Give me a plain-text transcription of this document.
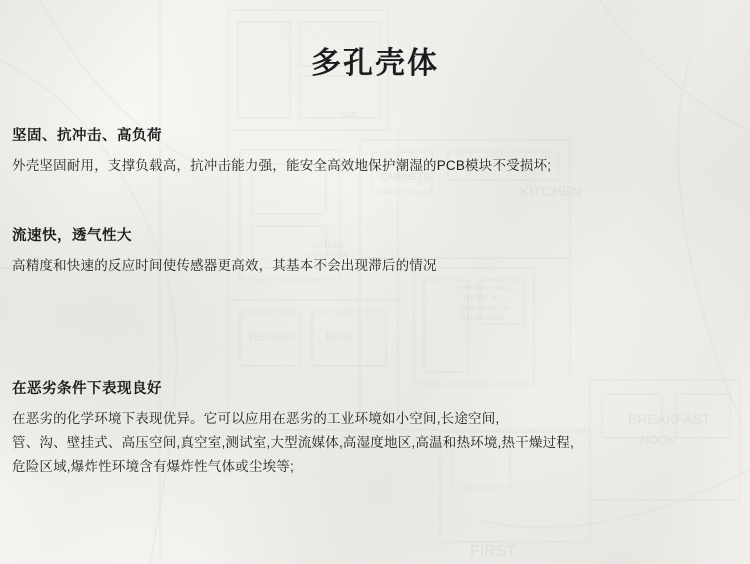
多孔壳体
坚固、抗冲击、高负荷

外壳坚固耐用，支撑负载高，抗冲击能力强，能安全高效地保护潮湿的PCB模块不受损坏;

流速快，透气性大

高精度和快速的反应时间使传感器更高效，其基本不会出现滞后的情况

在恶劣条件下表现良好

在恶劣的化学环境下表现优异。它可以应用在恶劣的工业环境如小空间,长途空间,

管、沟、壁挂式、高压空间,真空室,测试室,大型流媒体,高湿度地区,高温和热环境,热干燥过程,

危险区域,爆炸性环境含有爆炸性气体或尘埃等;
